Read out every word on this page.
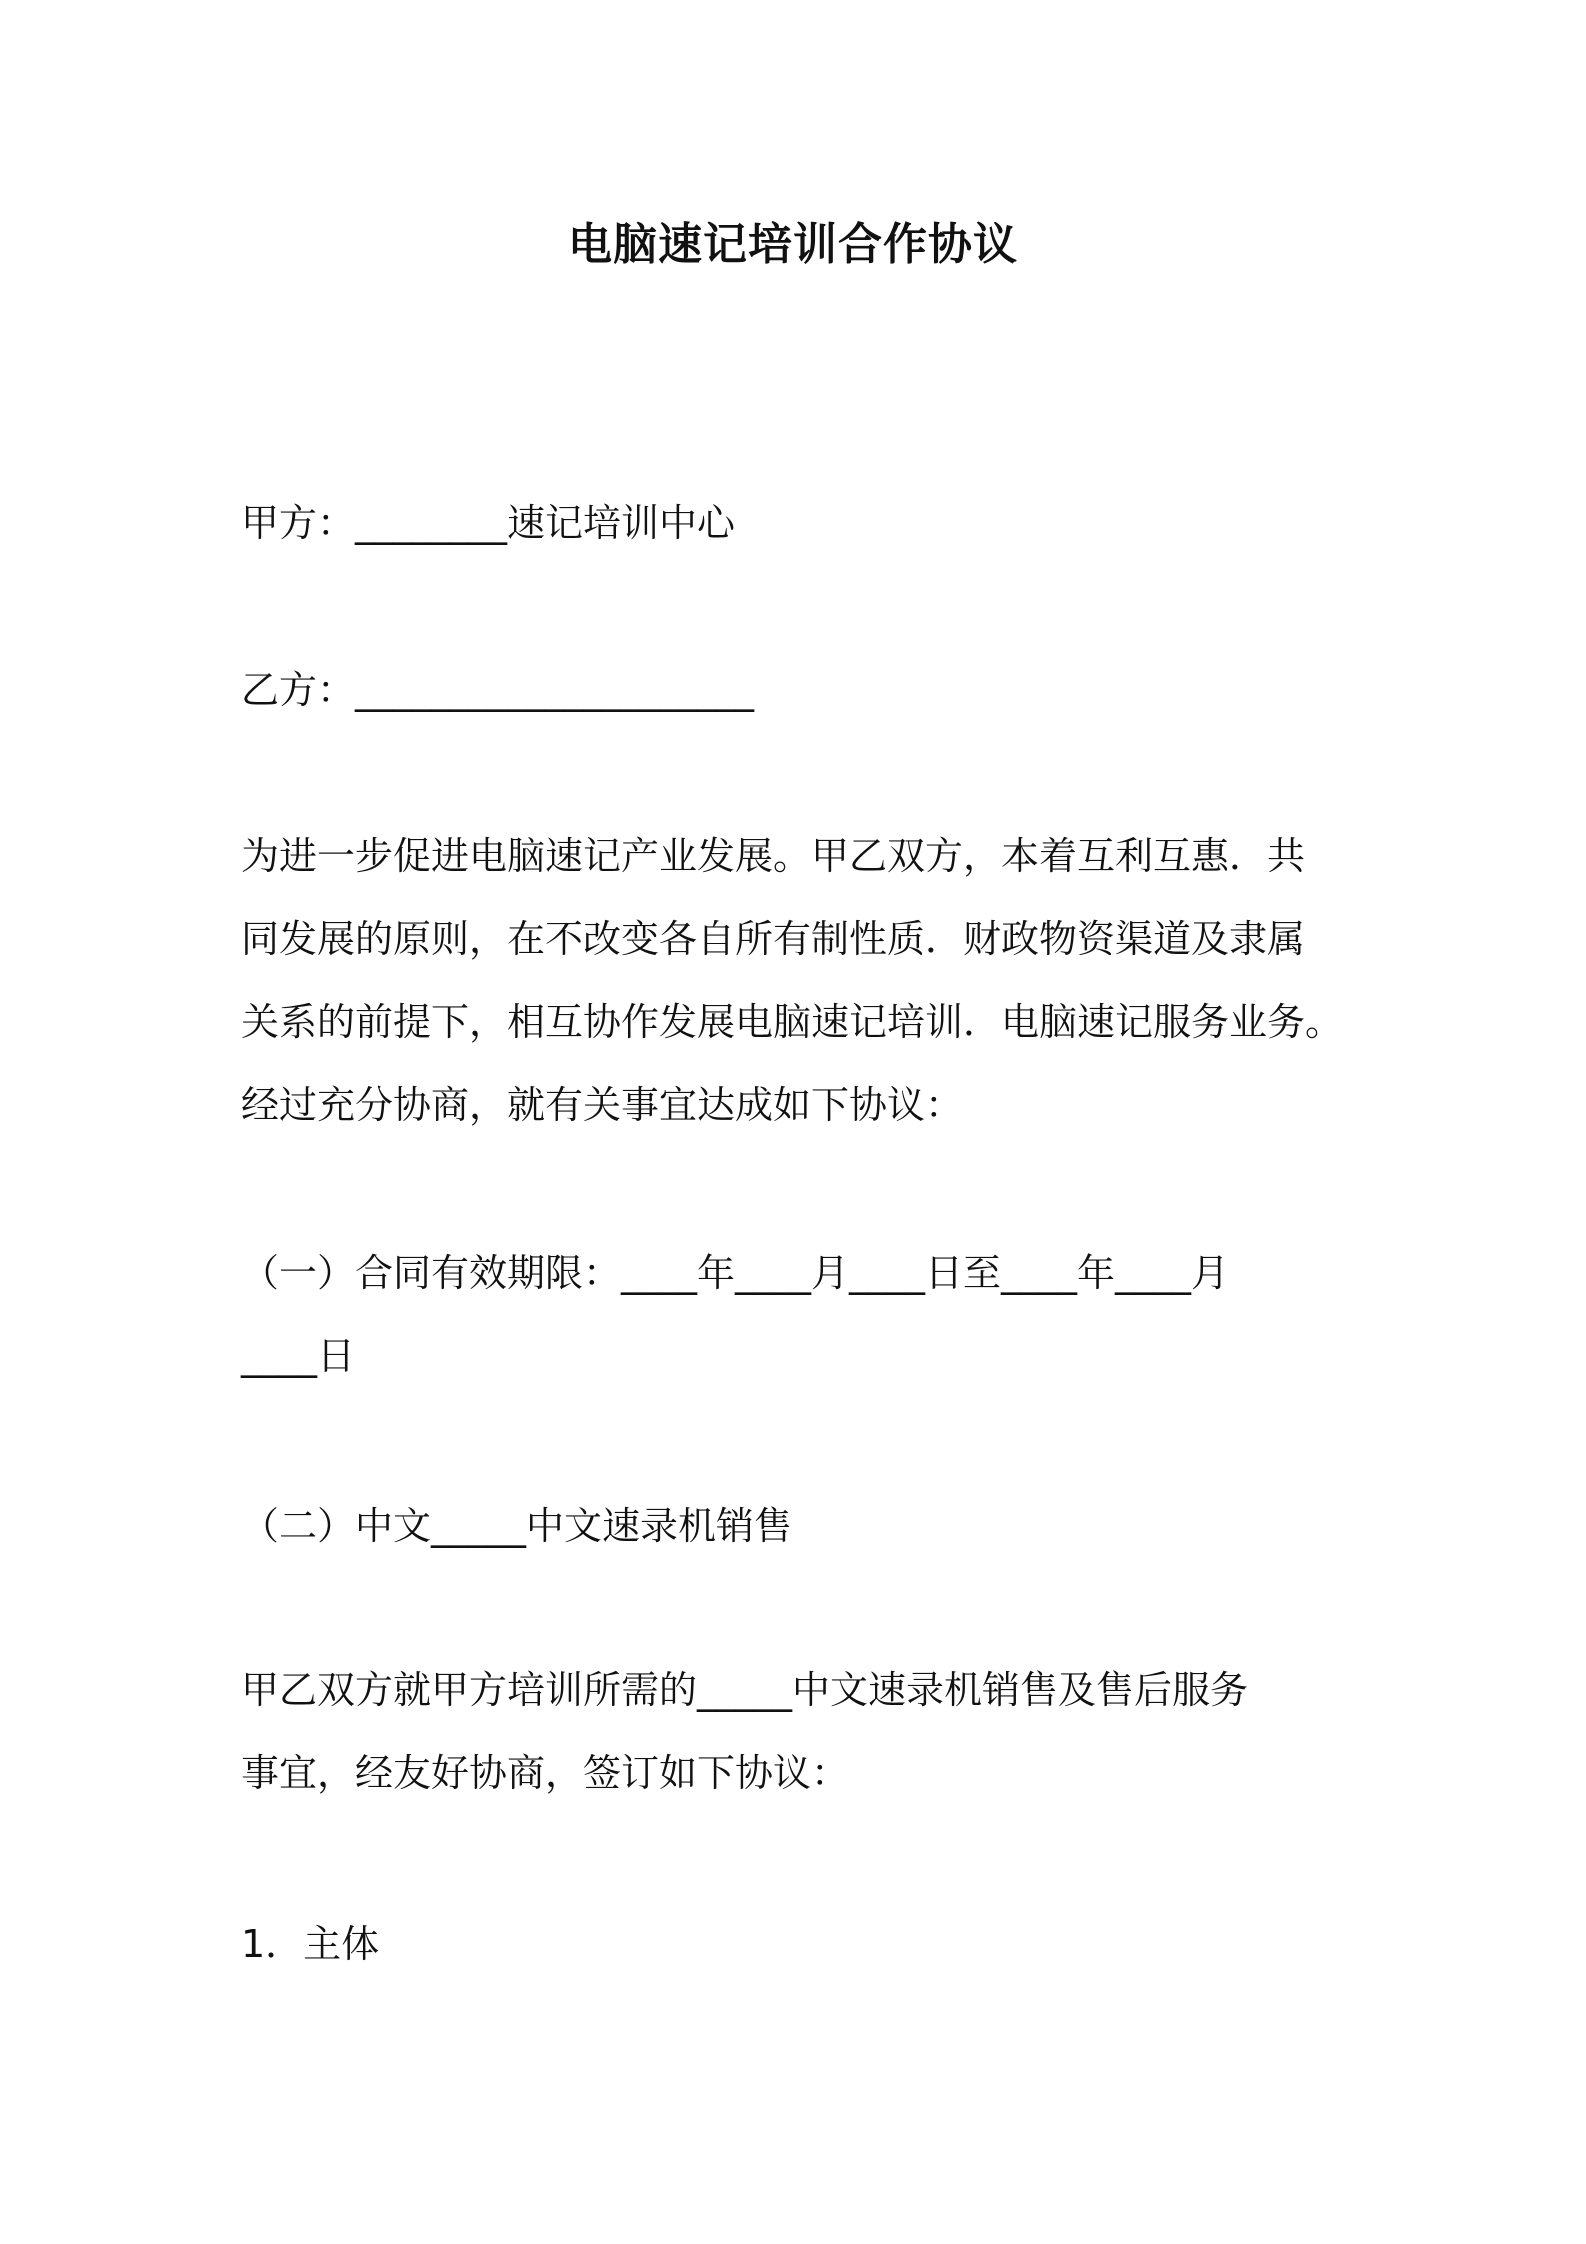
电脑速记培训合作协议
甲方：________速记培训中心
乙方：_____________________
为进一步促进电脑速记产业发展。甲乙双方，本着互利互惠．共
同发展的原则，在不改变各自所有制性质．财政物资渠道及隶属
关系的前提下，相互协作发展电脑速记培训．电脑速记服务业务。
经过充分协商，就有关事宜达成如下协议：
（一）合同有效期限：____年____月____日至____年____月
____日
（二）中文_____中文速录机销售
甲乙双方就甲方培训所需的_____中文速录机销售及售后服务
事宜，经友好协商，签订如下协议：
1．主体
